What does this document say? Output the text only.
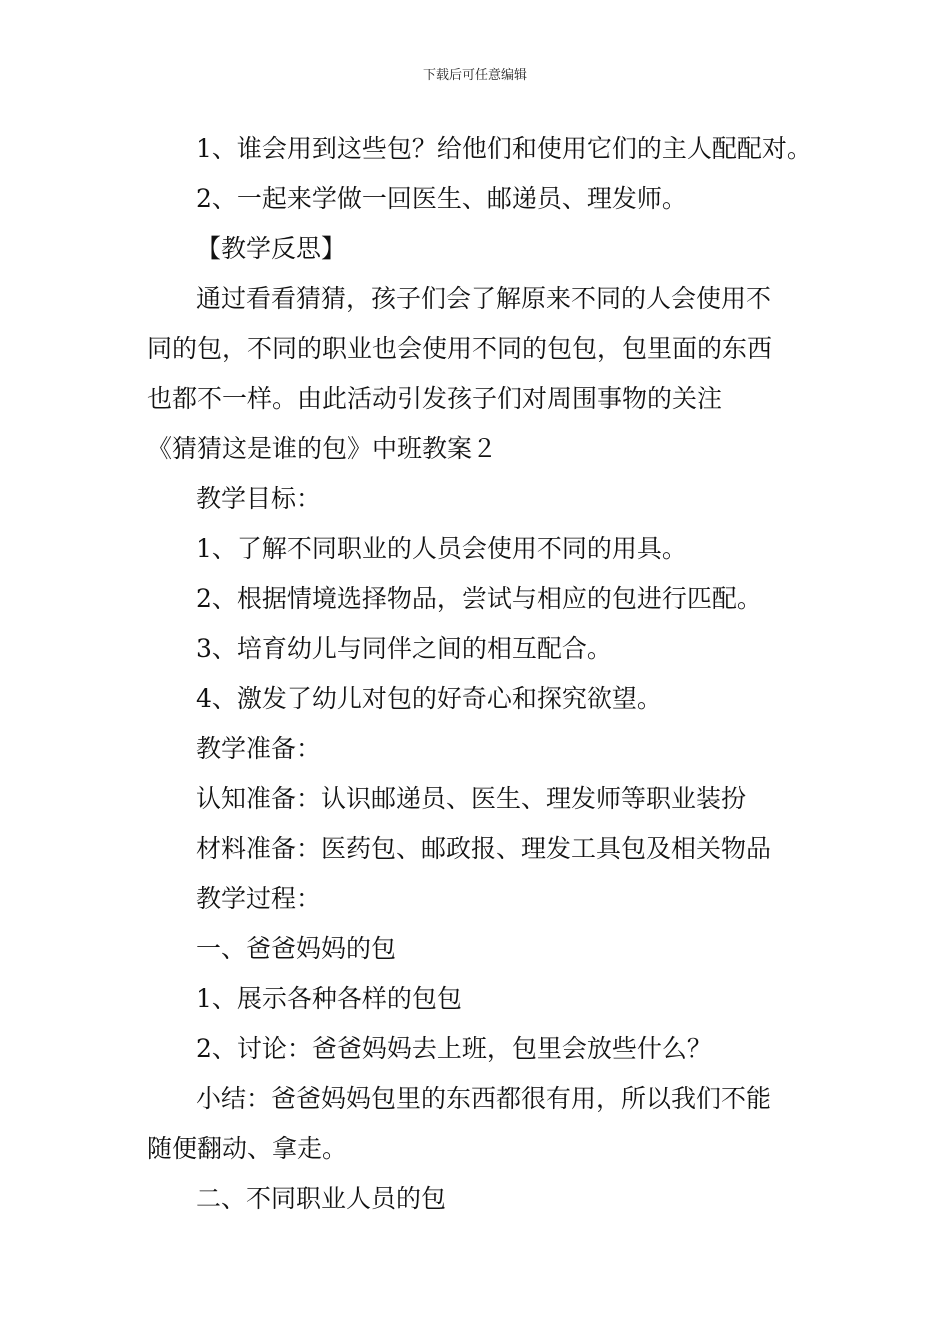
下载后可任意编辑
1、谁会用到这些包？给他们和使用它们的主人配配对。
2、一起来学做一回医生、邮递员、理发师。
【教学反思】
通过看看猜猜，孩子们会了解原来不同的人会使用不
同的包，不同的职业也会使用不同的包包，包里面的东西
也都不一样。由此活动引发孩子们对周围事物的关注
《猜猜这是谁的包》中班教案２
教学目标：
1、了解不同职业的人员会使用不同的用具。
2、根据情境选择物品，尝试与相应的包进行匹配。
3、培育幼儿与同伴之间的相互配合。
4、激发了幼儿对包的好奇心和探究欲望。
教学准备：
认知准备：认识邮递员、医生、理发师等职业装扮
材料准备：医药包、邮政报、理发工具包及相关物品
教学过程：
一、爸爸妈妈的包
1、展示各种各样的包包
2、讨论：爸爸妈妈去上班，包里会放些什么？
小结：爸爸妈妈包里的东西都很有用，所以我们不能
随便翻动、拿走。
二、不同职业人员的包
